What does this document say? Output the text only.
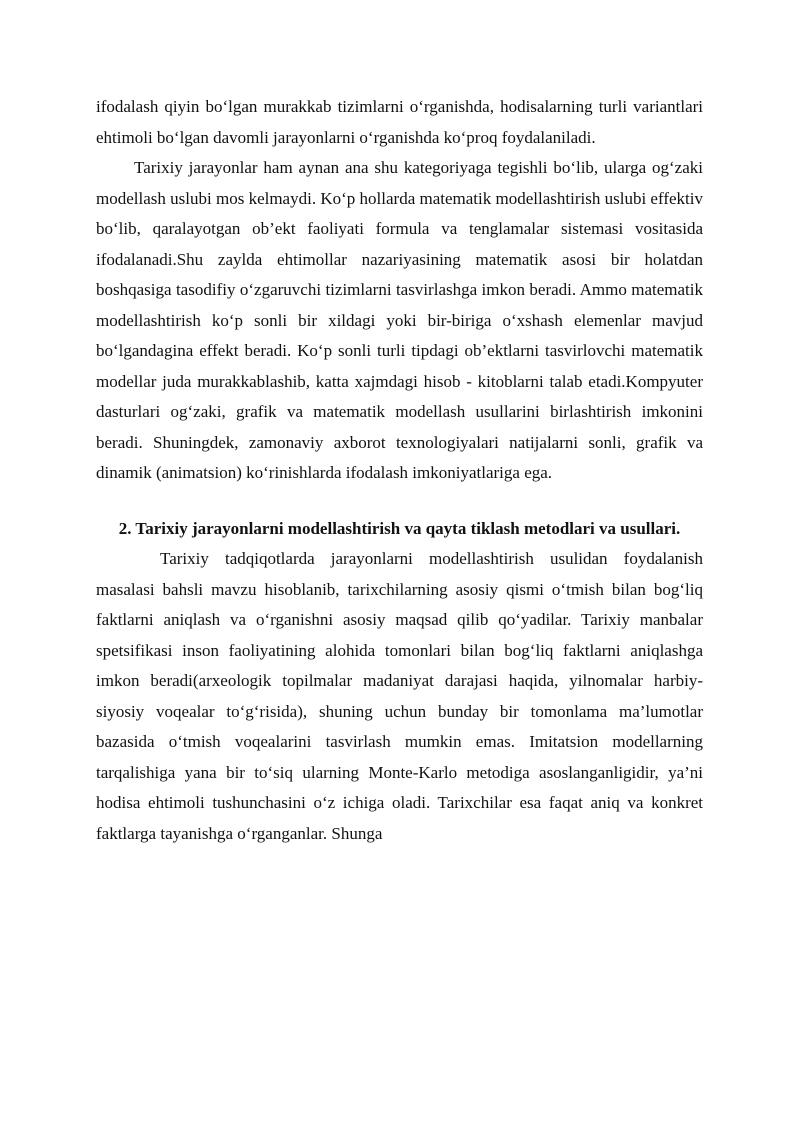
ifodalash qiyin bo‘lgan murakkab tizimlarni o‘rganishda, hodisalarning turli variantlari ehtimoli bo‘lgan davomli jarayonlarni o‘rganishda ko‘proq foydalaniladi.

Tarixiy jarayonlar ham aynan ana shu kategoriyaga tegishli bo‘lib, ularga og‘zaki modellash uslubi mos kelmaydi. Ko‘p hollarda matematik modellashtirish uslubi effektiv bo‘lib, qaralayotgan ob’ekt faoliyati formula va tenglamalar sistemasi vositasida ifodalanadi.Shu zaylda ehtimollar nazariyasining matematik asosi bir holatdan boshqasiga tasodifiy o‘zgaruvchi tizimlarni tasvirlashga imkon beradi. Ammo matematik modellashtirish ko‘p sonli bir xildagi yoki bir-biriga o‘xshash elemenlar mavjud bo‘lgandagina effekt beradi. Ko‘p sonli turli tipdagi ob’ektlarni tasvirlovchi matematik modellar juda murakkablashib, katta xajmdagi hisob - kitoblarni talab etadi.Kompyuter dasturlari og‘zaki, grafik va matematik modellash usullarini birlashtirish imkonini beradi. Shuningdek, zamonaviy axborot texnologiyalari natijalarni sonli, grafik va dinamik (animatsion) ko‘rinishlarda ifodalash imkoniyatlariga ega.

2. Tarixiy jarayonlarni modellashtirish va qayta tiklash metodlari va usullari.

Tarixiy tadqiqotlarda jarayonlarni modellashtirish usulidan foydalanish masalasi bahsli mavzu hisoblanib, tarixchilarning asosiy qismi o‘tmish bilan bog‘liq faktlarni aniqlash va o‘rganishni asosiy maqsad qilib qo‘yadilar. Tarixiy manbalar spetsifikasi inson faoliyatining alohida tomonlari bilan bog‘liq faktlarni aniqlashga imkon beradi(arxeologik topilmalar madaniyat darajasi haqida, yilnomalar harbiy-siyosiy voqealar to‘g‘risida), shuning uchun bunday bir tomonlama ma’lumotlar bazasida o‘tmish voqealarini tasvirlash mumkin emas. Imitatsion modellarning tarqalishiga yana bir to‘siq ularning Monte-Karlo metodiga asoslanganligidir, ya’ni hodisa ehtimoli tushunchasini o‘z ichiga oladi. Tarixchilar esa faqat aniq va konkret faktlarga tayanishga o‘rganganlar. Shunga
